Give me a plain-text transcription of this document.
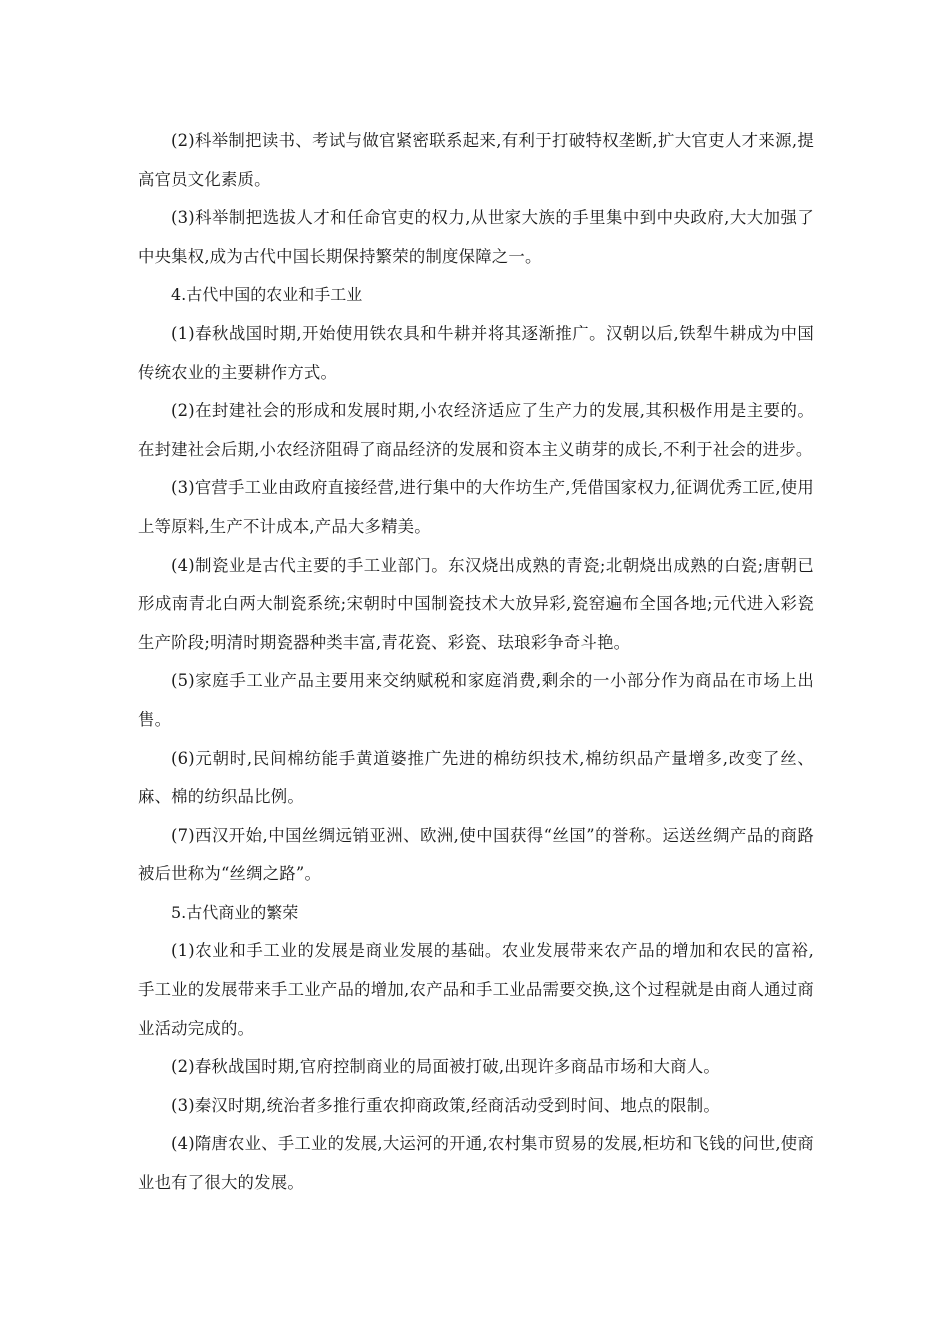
(2)科举制把读书、考试与做官紧密联系起来,有利于打破特权垄断,扩大官吏人才来源,提高官员文化素质。

(3)科举制把选拔人才和任命官吏的权力,从世家大族的手里集中到中央政府,大大加强了中央集权,成为古代中国长期保持繁荣的制度保障之一。

4.古代中国的农业和手工业

(1)春秋战国时期,开始使用铁农具和牛耕并将其逐渐推广。汉朝以后,铁犁牛耕成为中国传统农业的主要耕作方式。

(2)在封建社会的形成和发展时期,小农经济适应了生产力的发展,其积极作用是主要的。在封建社会后期,小农经济阻碍了商品经济的发展和资本主义萌芽的成长,不利于社会的进步。

(3)官营手工业由政府直接经营,进行集中的大作坊生产,凭借国家权力,征调优秀工匠,使用上等原料,生产不计成本,产品大多精美。

(4)制瓷业是古代主要的手工业部门。东汉烧出成熟的青瓷;北朝烧出成熟的白瓷;唐朝已形成南青北白两大制瓷系统;宋朝时中国制瓷技术大放异彩,瓷窑遍布全国各地;元代进入彩瓷生产阶段;明清时期瓷器种类丰富,青花瓷、彩瓷、珐琅彩争奇斗艳。

(5)家庭手工业产品主要用来交纳赋税和家庭消费,剩余的一小部分作为商品在市场上出售。

(6)元朝时,民间棉纺能手黄道婆推广先进的棉纺织技术,棉纺织品产量增多,改变了丝、麻、棉的纺织品比例。

(7)西汉开始,中国丝绸远销亚洲、欧洲,使中国获得“丝国”的誉称。运送丝绸产品的商路被后世称为“丝绸之路”。

5.古代商业的繁荣

(1)农业和手工业的发展是商业发展的基础。农业发展带来农产品的增加和农民的富裕,手工业的发展带来手工业产品的增加,农产品和手工业品需要交换,这个过程就是由商人通过商业活动完成的。

(2)春秋战国时期,官府控制商业的局面被打破,出现许多商品市场和大商人。

(3)秦汉时期,统治者多推行重农抑商政策,经商活动受到时间、地点的限制。

(4)隋唐农业、手工业的发展,大运河的开通,农村集市贸易的发展,柜坊和飞钱的问世,使商业也有了很大的发展。
